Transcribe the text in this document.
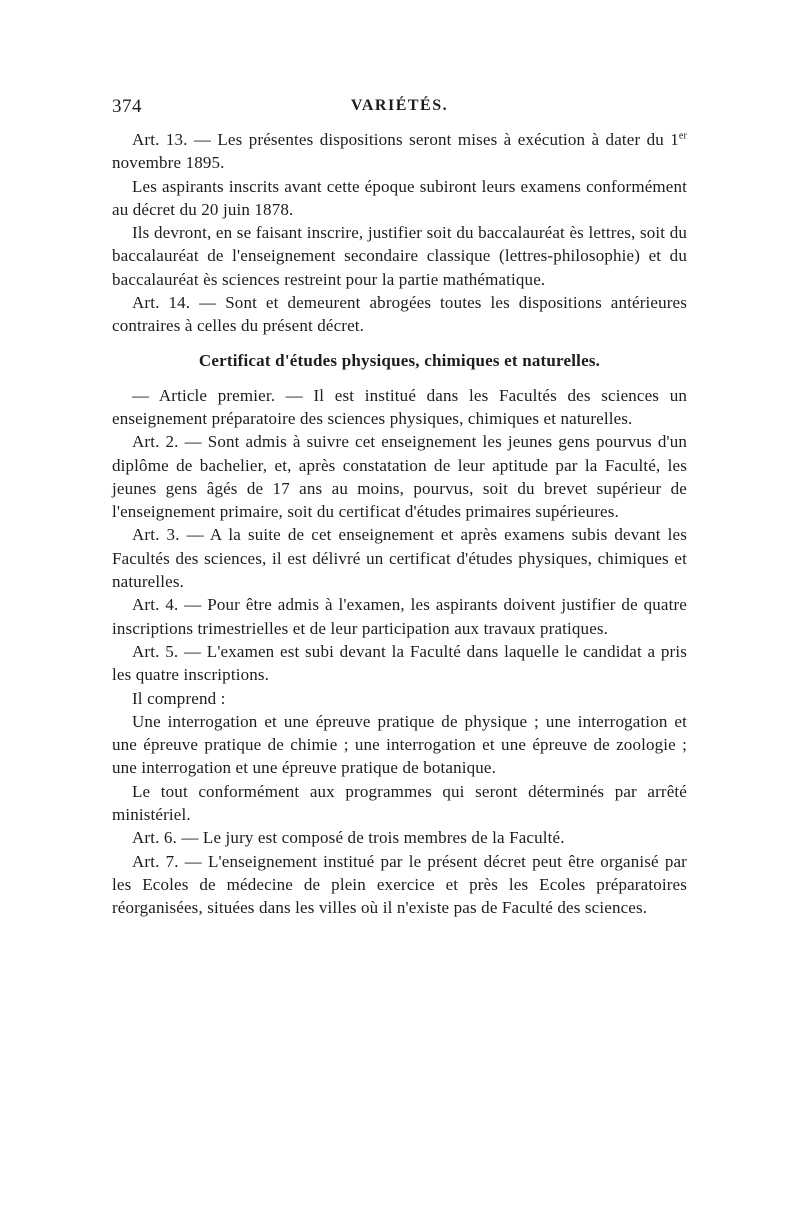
374	VARIÉTÉS.

Art. 13. — Les présentes dispositions seront mises à exécution à dater du 1er novembre 1895.

Les aspirants inscrits avant cette époque subiront leurs examens conformément au décret du 20 juin 1878.

Ils devront, en se faisant inscrire, justifier soit du baccalauréat ès lettres, soit du baccalauréat de l'enseignement secondaire classique (lettres-philosophie) et du baccalauréat ès sciences restreint pour la partie mathématique.

Art. 14. — Sont et demeurent abrogées toutes les dispositions antérieures contraires à celles du présent décret.

Certificat d'études physiques, chimiques et naturelles.

— Article premier. — Il est institué dans les Facultés des sciences un enseignement préparatoire des sciences physiques, chimiques et naturelles.

Art. 2. — Sont admis à suivre cet enseignement les jeunes gens pourvus d'un diplôme de bachelier, et, après constatation de leur aptitude par la Faculté, les jeunes gens âgés de 17 ans au moins, pourvus, soit du brevet supérieur de l'enseignement primaire, soit du certificat d'études primaires supérieures.

Art. 3. — A la suite de cet enseignement et après examens subis devant les Facultés des sciences, il est délivré un certificat d'études physiques, chimiques et naturelles.

Art. 4. — Pour être admis à l'examen, les aspirants doivent justifier de quatre inscriptions trimestrielles et de leur participation aux travaux pratiques.

Art. 5. — L'examen est subi devant la Faculté dans laquelle le candidat a pris les quatre inscriptions.

Il comprend :

Une interrogation et une épreuve pratique de physique ; une interrogation et une épreuve pratique de chimie ; une interrogation et une épreuve de zoologie ; une interrogation et une épreuve pratique de botanique.

Le tout conformément aux programmes qui seront déterminés par arrêté ministériel.

Art. 6. — Le jury est composé de trois membres de la Faculté.

Art. 7. — L'enseignement institué par le présent décret peut être organisé par les Ecoles de médecine de plein exercice et près les Ecoles préparatoires réorganisées, situées dans les villes où il n'existe pas de Faculté des sciences.
